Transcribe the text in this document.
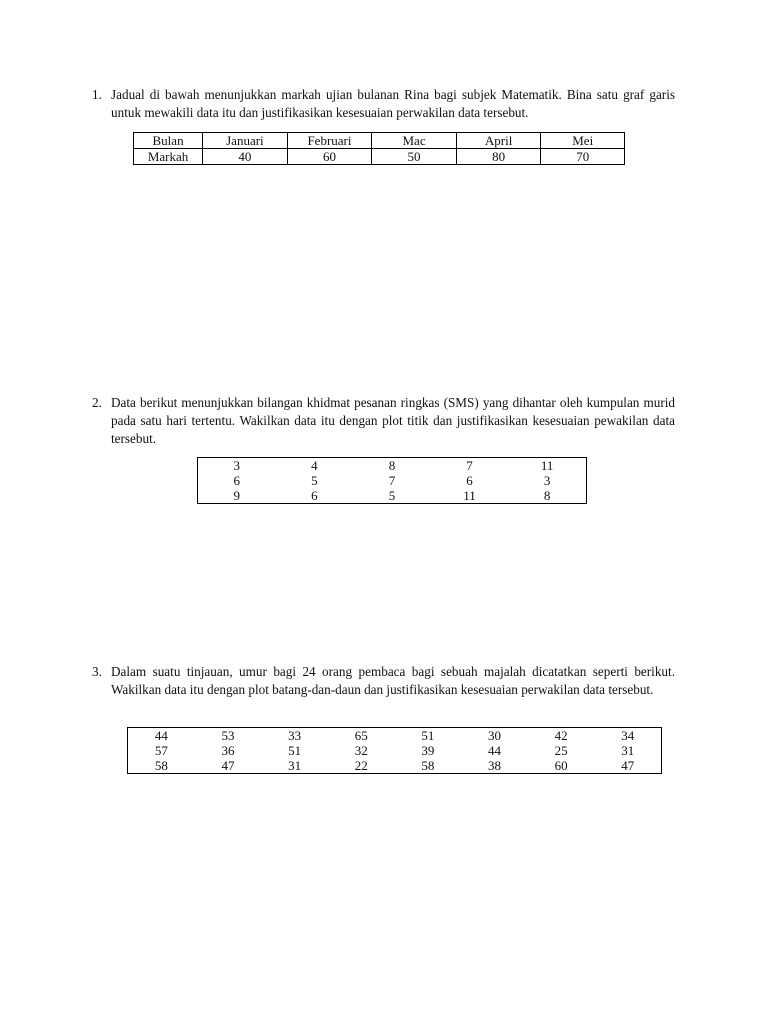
1. Jadual di bawah menunjukkan markah ujian bulanan Rina bagi subjek Matematik. Bina satu graf garis untuk mewakili data itu dan justifikasikan kesesuaian perwakilan data tersebut.
Bulan	Januari	Februari	Mac	April	Mei
Markah	40	60	50	80	70
2. Data berikut menunjukkan bilangan khidmat pesanan ringkas (SMS) yang dihantar oleh kumpulan murid pada satu hari tertentu. Wakilkan data itu dengan plot titik dan justifikasikan kesesuaian pewakilan data tersebut.
3	4	8	7	11
6	5	7	6	3
9	6	5	11	8
3. Dalam suatu tinjauan, umur bagi 24 orang pembaca bagi sebuah majalah dicatatkan seperti berikut. Wakilkan data itu dengan plot batang-dan-daun dan justifikasikan kesesuaian perwakilan data tersebut.
44	53	33	65	51	30	42	34
57	36	51	32	39	44	25	31
58	47	31	22	58	38	60	47
